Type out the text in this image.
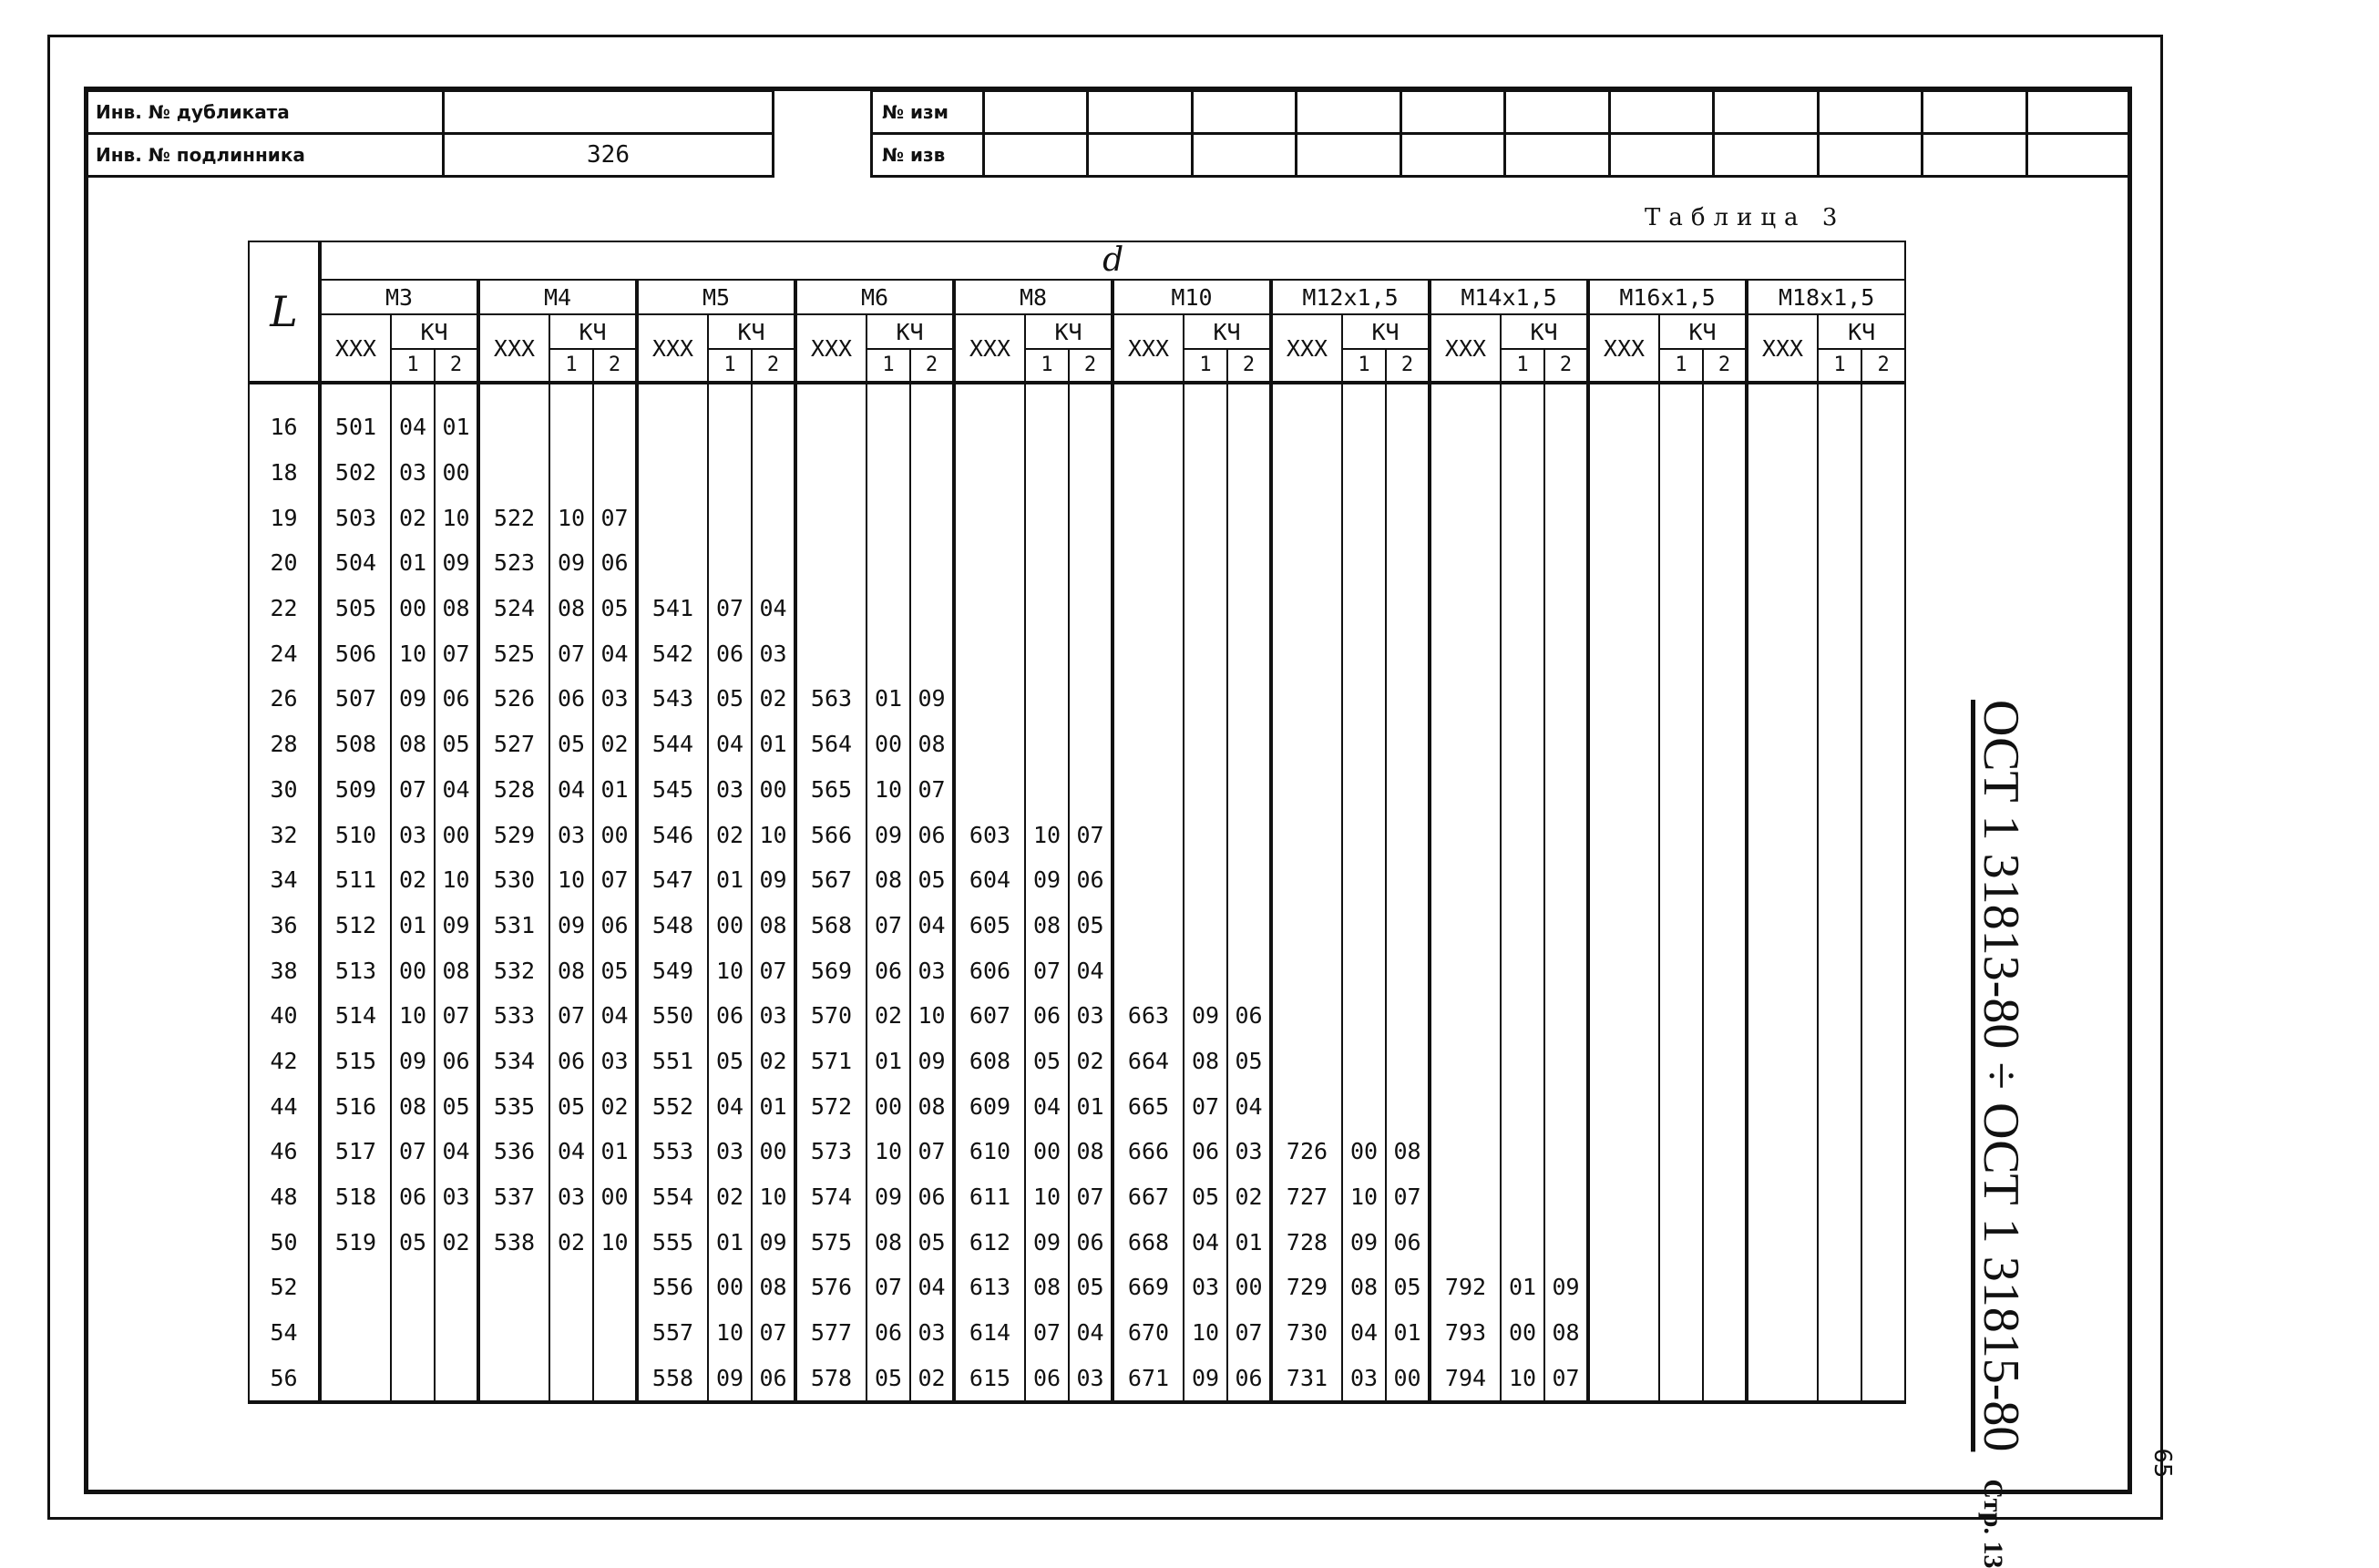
Инв. № дубликата	
Инв. № подлинника	326
№ изм											
№ изв											
Таблица 3
L	d																													
	M3			M4			M5			M6			M8			M10			M12x1,5			M14x1,5			M16x1,5			M18x1,5		
	XXX	КЧ		XXX	КЧ		XXX	КЧ		XXX	КЧ		XXX	КЧ		XXX	КЧ		XXX	КЧ		XXX	КЧ		XXX	КЧ		XXX	КЧ	
		1	2		1	2		1	2		1	2		1	2		1	2		1	2		1	2		1	2		1	2

16	501	04	01																											
18	502	03	00																											
19	503	02	10	522	10	07																								
20	504	01	09	523	09	06																								
22	505	00	08	524	08	05	541	07	04																					
24	506	10	07	525	07	04	542	06	03																					
26	507	09	06	526	06	03	543	05	02	563	01	09																		
28	508	08	05	527	05	02	544	04	01	564	00	08																		
30	509	07	04	528	04	01	545	03	00	565	10	07																		
32	510	03	00	529	03	00	546	02	10	566	09	06	603	10	07															
34	511	02	10	530	10	07	547	01	09	567	08	05	604	09	06															
36	512	01	09	531	09	06	548	00	08	568	07	04	605	08	05															
38	513	00	08	532	08	05	549	10	07	569	06	03	606	07	04															
40	514	10	07	533	07	04	550	06	03	570	02	10	607	06	03	663	09	06												
42	515	09	06	534	06	03	551	05	02	571	01	09	608	05	02	664	08	05												
44	516	08	05	535	05	02	552	04	01	572	00	08	609	04	01	665	07	04												
46	517	07	04	536	04	01	553	03	00	573	10	07	610	00	08	666	06	03	726	00	08									
48	518	06	03	537	03	00	554	02	10	574	09	06	611	10	07	667	05	02	727	10	07									
50	519	05	02	538	02	10	555	01	09	575	08	05	612	09	06	668	04	01	728	09	06									
52							556	00	08	576	07	04	613	08	05	669	03	00	729	08	05	792	01	09						
54							557	10	07	577	06	03	614	07	04	670	10	07	730	04	01	793	00	08						
56							558	09	06	578	05	02	615	06	03	671	09	06	731	03	00	794	10	07							ОСТ 1 31813-80 ÷ ОСТ 1 31815-80Стр. 13
-65-
